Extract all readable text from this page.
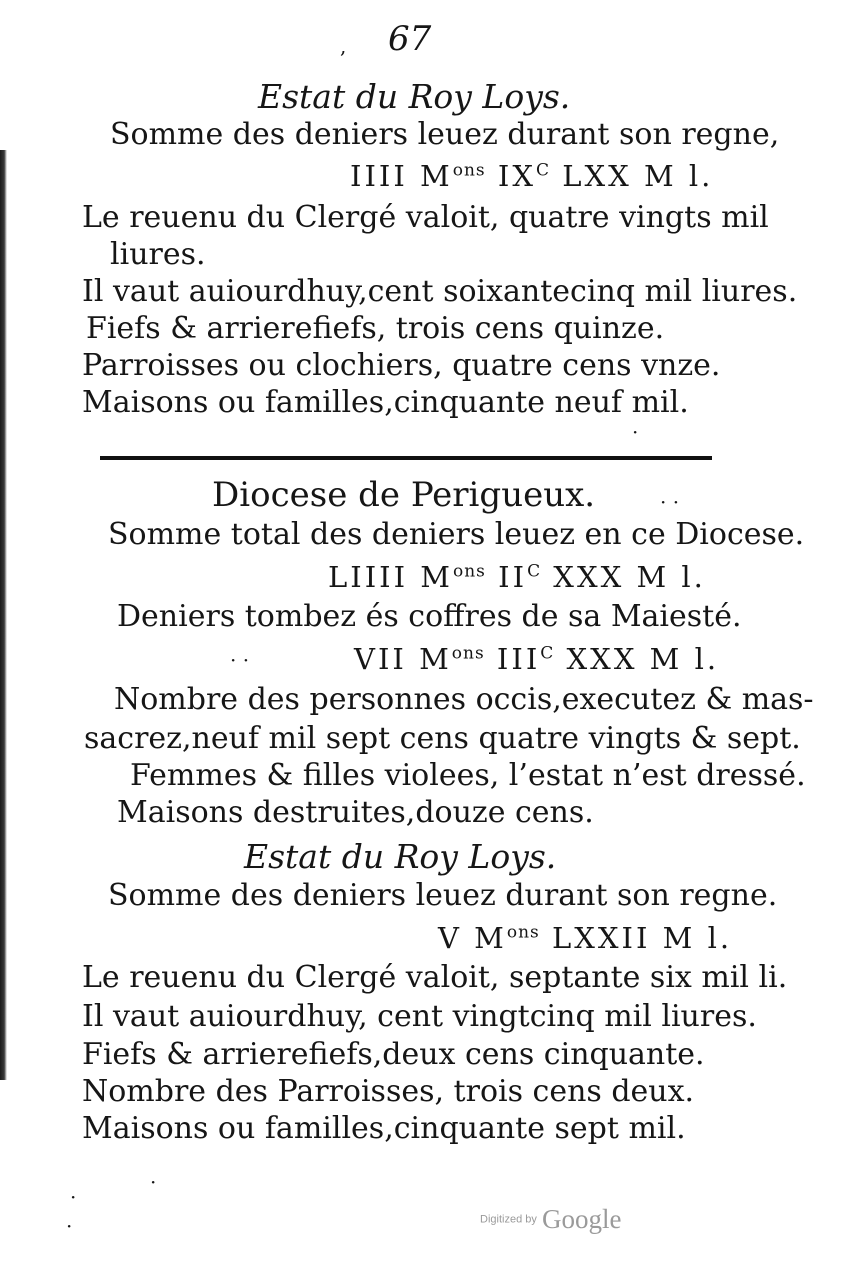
67
Estat du Roy Loys.
Somme des deniers leuez durant son regne,
IIII $M^{ons}$ $IX^C$ LXX M l.
Le reuenu du Clergé valoit, quatre vingts mil
liures.
Il vaut auiourdhuy,cent soixantecinq mil liures.
Fiefs & arrierefiefs, trois cens quinze.
Parroisses ou clochiers, quatre cens vnze.
Maisons ou familles,cinquante neuf mil.
Diocese de Perigueux.
Somme total des deniers leuez en ce Diocese.
LIIII $M^{ons}$ $II^C$ XXX M l.
Deniers tombez és coffres de sa Maiesté.
VII $M^{ons}$ $III^C$ XXX M l.
Nombre des personnes occis,executez & mas-
sacrez,neuf mil sept cens quatre vingts & sept.
Femmes & filles violees, l’estat n’est dressé.
Maisons destruites,douze cens.
Estat du Roy Loys.
Somme des deniers leuez durant son regne.
V $M^{ons}$ LXXII M l.
Le reuenu du Clergé valoit, septante six mil li.
Il vaut auiourdhuy, cent vingtcinq mil liures.
Fiefs & arrierefiefs,deux cens cinquante.
Nombre des Parroisses, trois cens deux.
Maisons ou familles,cinquante sept mil.
,
·
· ·
· ·
·
·
·	Digitized by Google
